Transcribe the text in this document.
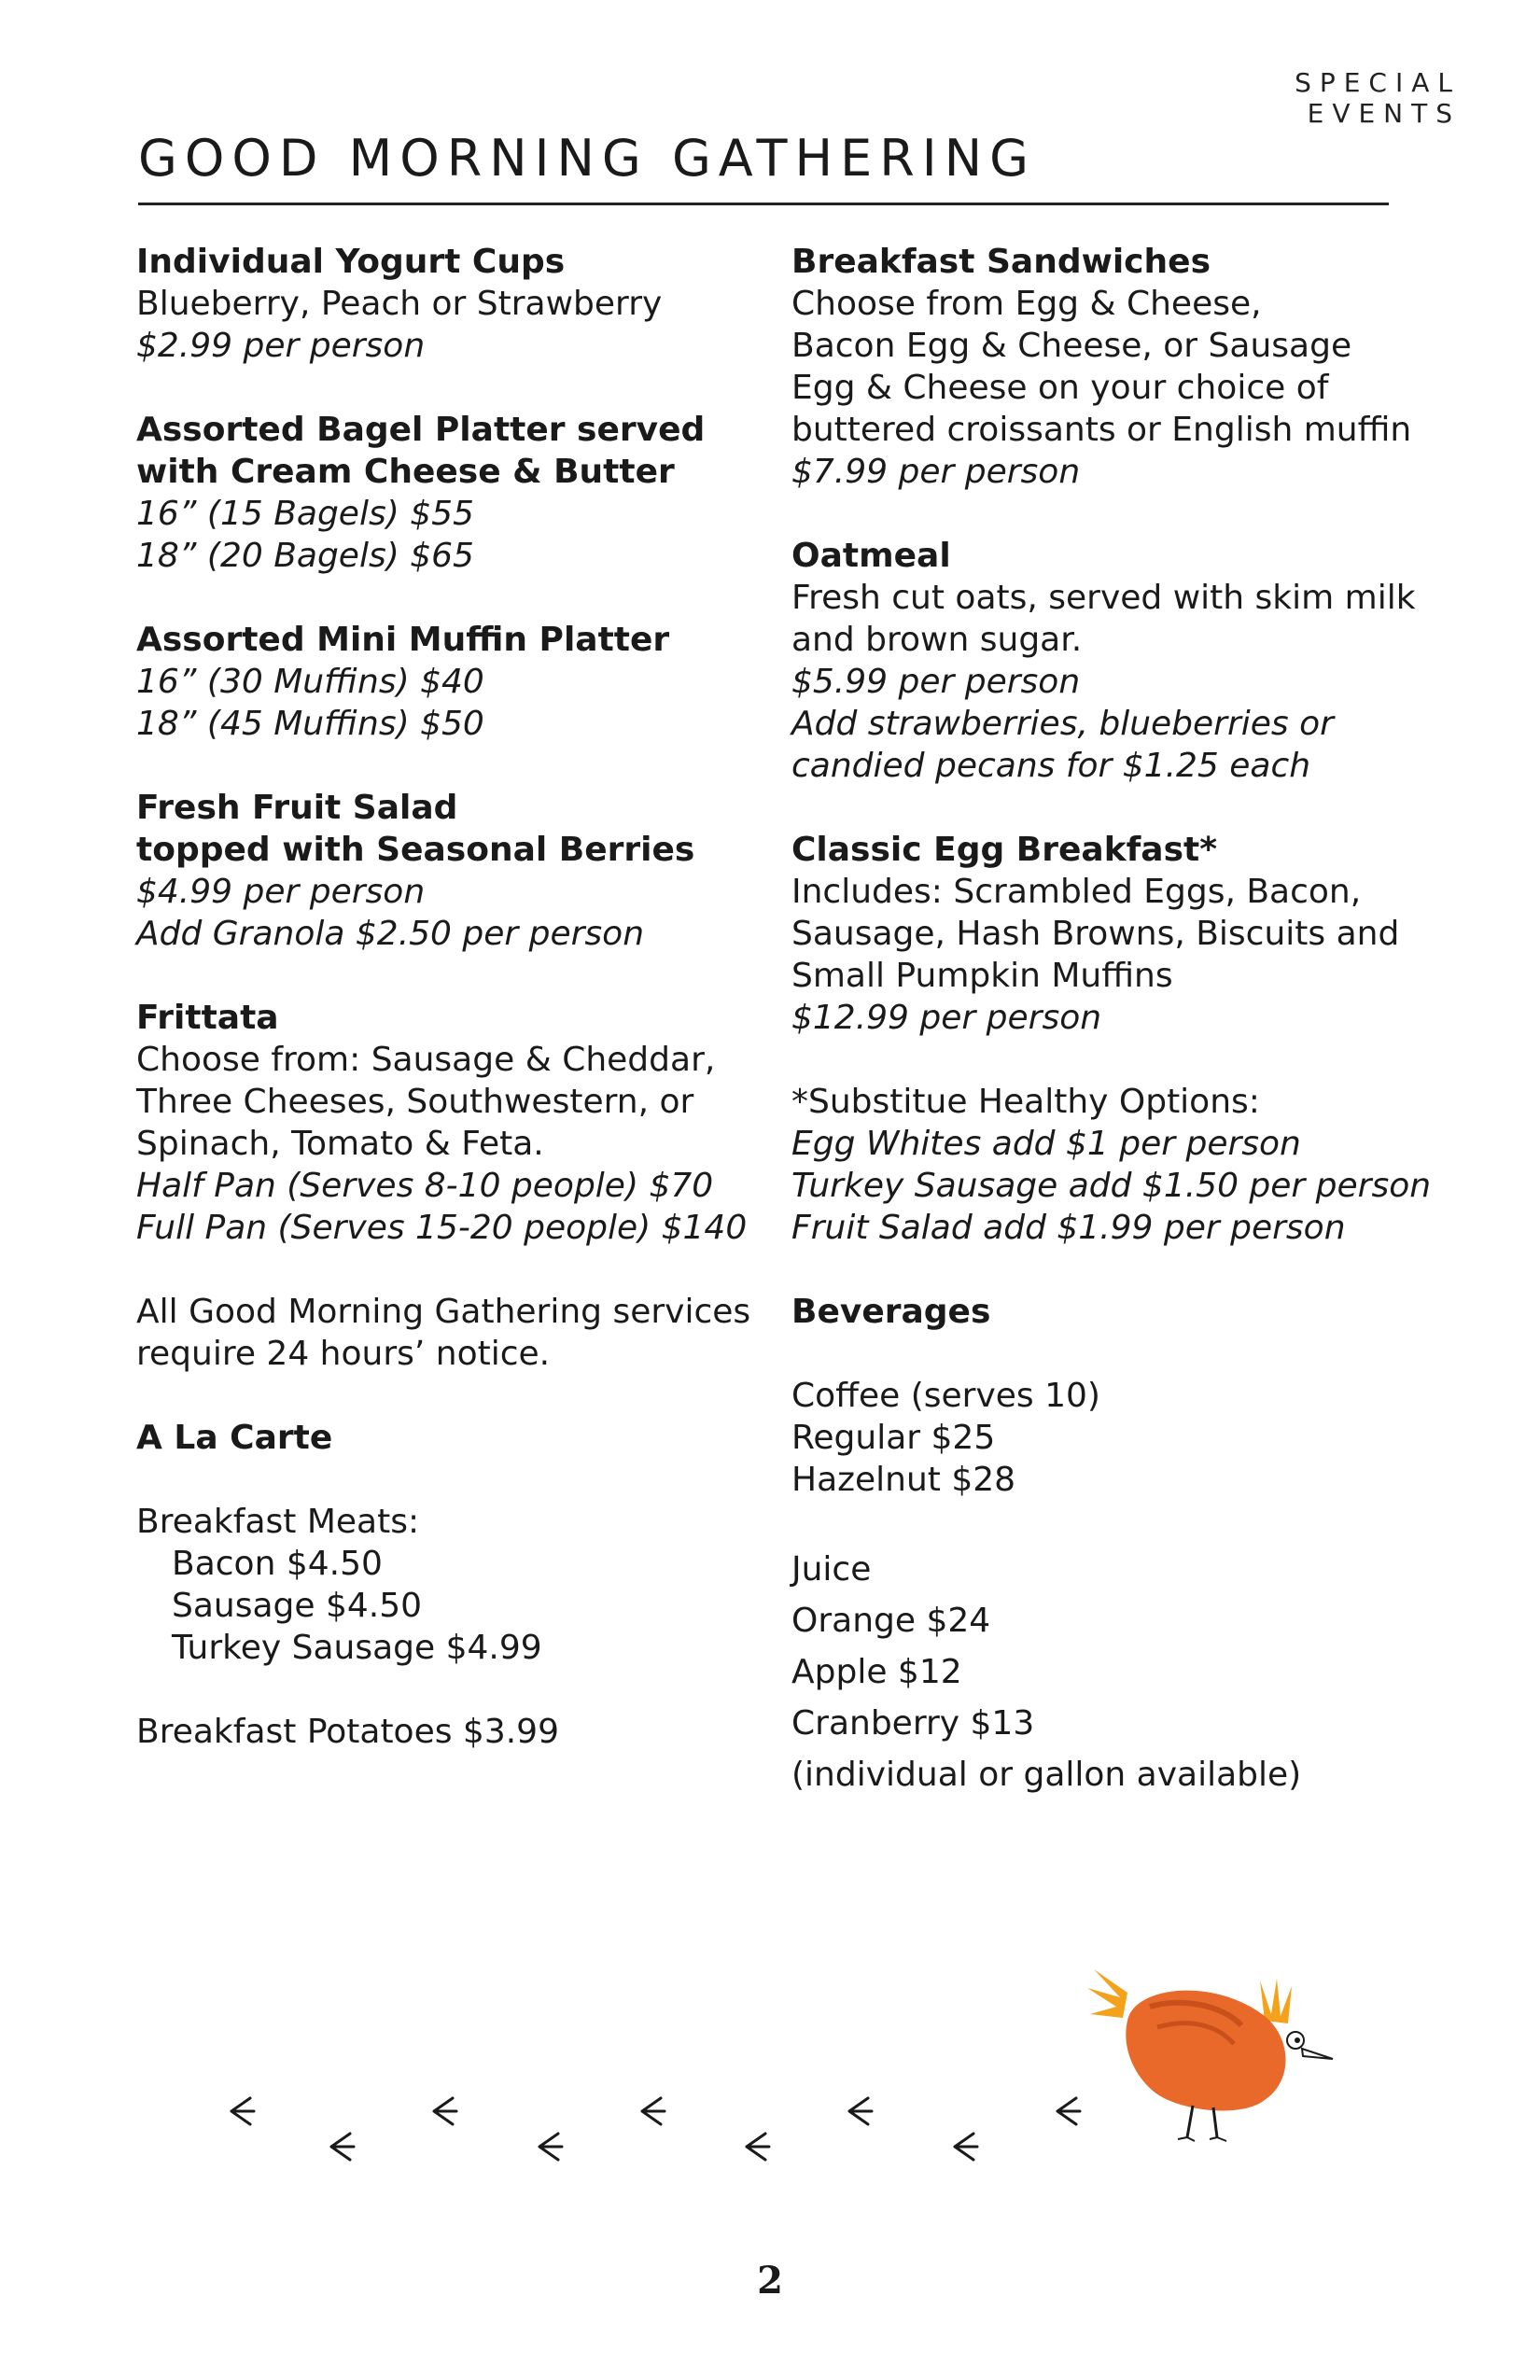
SPECIAL EVENTS
GOOD MORNING GATHERING
Individual Yogurt Cups
Blueberry, Peach or Strawberry
$2.99 per person
Assorted Bagel Platter served
with Cream Cheese & Butter
16” (15 Bagels) $55
18” (20 Bagels) $65
Assorted Mini Muffin Platter
16” (30 Muffins) $40
18” (45 Muffins) $50
Fresh Fruit Salad
topped with Seasonal Berries
$4.99 per person
Add Granola $2.50 per person
Frittata
Choose from: Sausage & Cheddar,
Three Cheeses, Southwestern, or
Spinach, Tomato & Feta.
Half Pan (Serves 8-10 people) $70
Full Pan (Serves 15-20 people) $140
All Good Morning Gathering services
require 24 hours’ notice.
A La Carte
Breakfast Meats:
Bacon $4.50
Sausage $4.50
Turkey Sausage $4.99
Breakfast Potatoes $3.99
Breakfast Sandwiches
Choose from Egg & Cheese,
Bacon Egg & Cheese, or Sausage
Egg & Cheese on your choice of
buttered croissants or English muffin
$7.99 per person
Oatmeal
Fresh cut oats, served with skim milk
and brown sugar.
$5.99 per person
Add strawberries, blueberries or
candied pecans for $1.25 each
Classic Egg Breakfast*
Includes: Scrambled Eggs, Bacon,
Sausage, Hash Browns, Biscuits and
Small Pumpkin Muffins
$12.99 per person
*Substitue Healthy Options:
Egg Whites add $1 per person
Turkey Sausage add $1.50 per person
Fruit Salad add $1.99 per person
Beverages
Coffee (serves 10)
Regular $25
Hazelnut $28
Juice
Orange $24
Apple $12
Cranberry $13
(individual or gallon available)
2
